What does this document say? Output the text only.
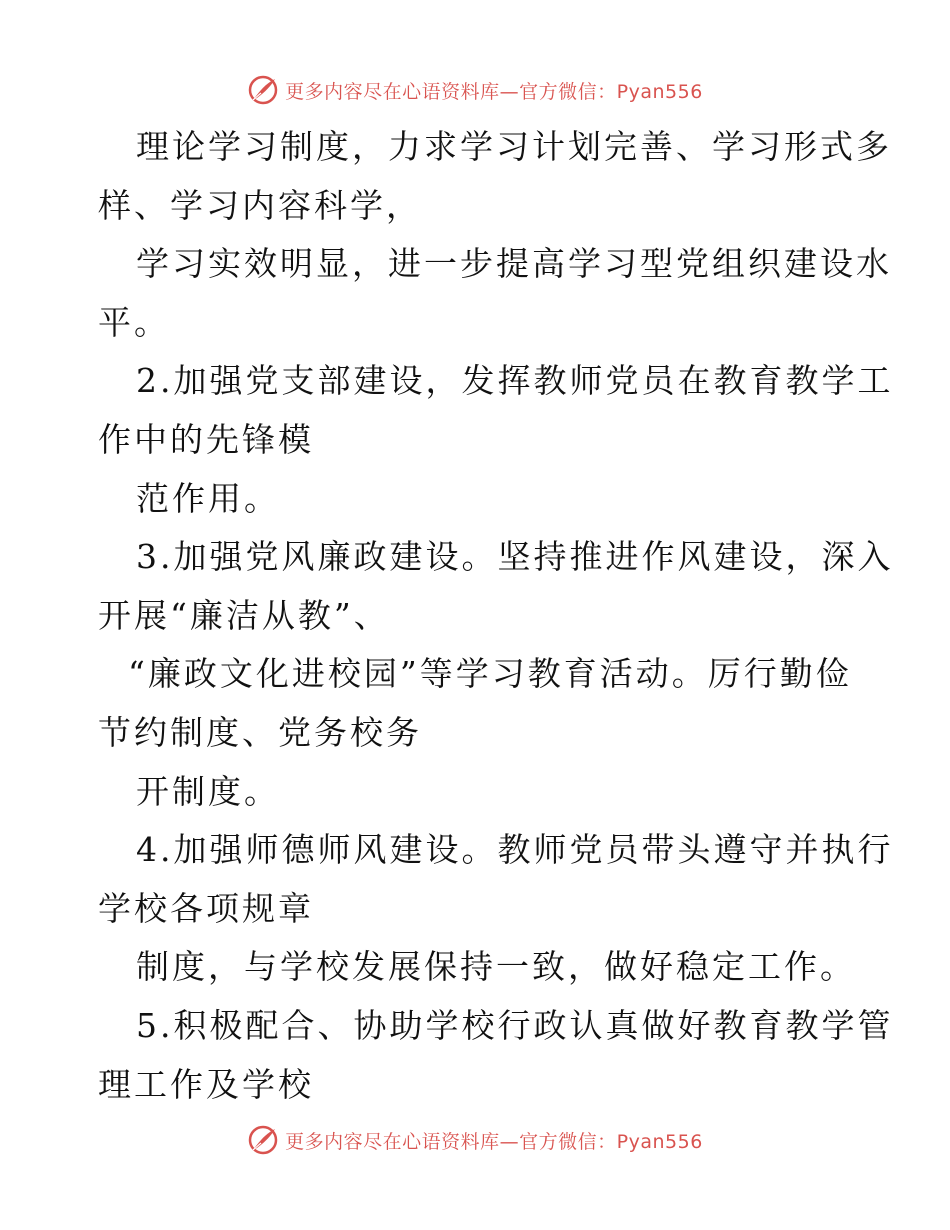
更多内容尽在心语资料库 —官方微信：Pyan556
理论学习制度，力求学习计划完善、学习形式多
样、学习内容科学，
学习实效明显，进一步提高学习型党组织建设水
平。
2.加强党支部建设，发挥教师党员在教育教学工
作中的先锋模
范作用。
3.加强党风廉政建设。坚持推进作风建设，深入
开展“廉洁从教”、
“廉政文化进校园”等学习教育活动。厉行勤俭
节约制度、党务校务
开制度。
4.加强师德师风建设。教师党员带头遵守并执行
学校各项规章
制度，与学校发展保持一致，做好稳定工作。
5.积极配合、协助学校行政认真做好教育教学管
理工作及学校
更多内容尽在心语资料库 —官方微信：Pyan556
